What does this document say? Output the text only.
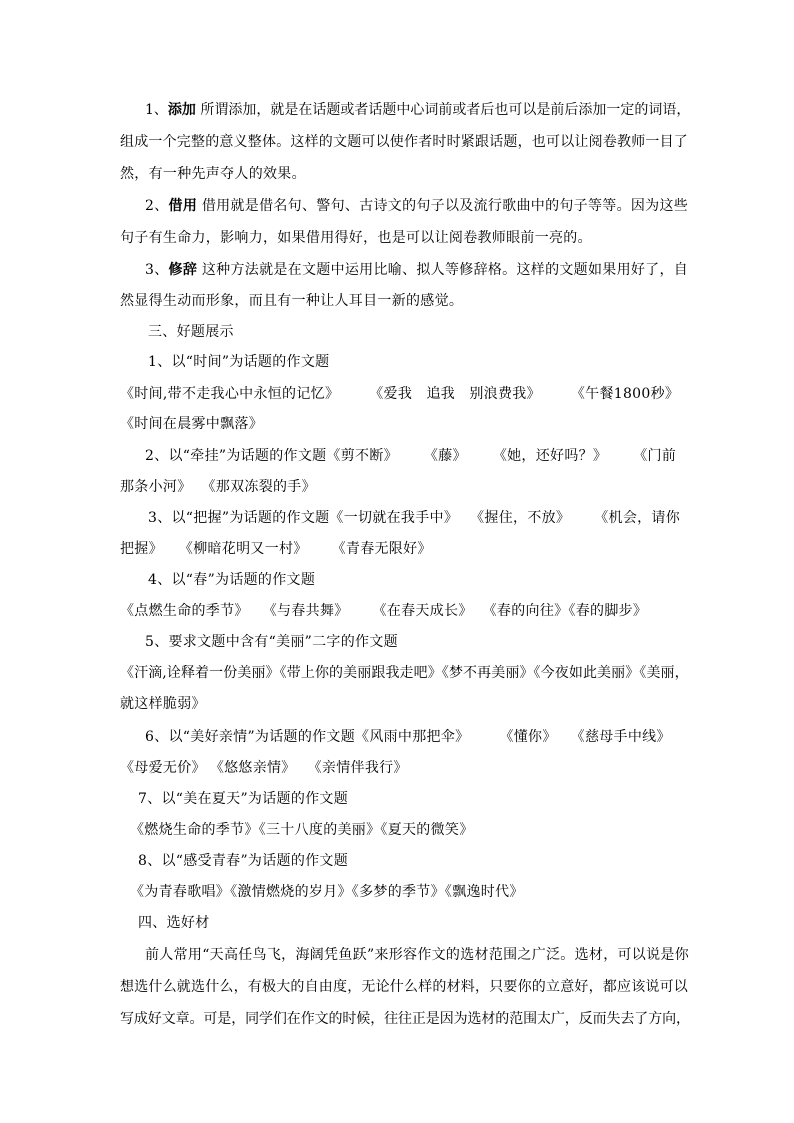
1、添加 所谓添加，就是在话题或者话题中心词前或者后也可以是前后添加一定的词语，
组成一个完整的意义整体。这样的文题可以使作者时时紧跟话题，也可以让阅卷教师一目了
然，有一种先声夺人的效果。
2、借用 借用就是借名句、警句、古诗文的句子以及流行歌曲中的句子等等。因为这些
句子有生命力，影响力，如果借用得好，也是可以让阅卷教师眼前一亮的。
3、修辞 这种方法就是在文题中运用比喻、拟人等修辞格。这样的文题如果用好了，自
然显得生动而形象，而且有一种让人耳目一新的感觉。
三、好题展示
1、以“时间”为话题的作文题
《时间,带不走我心中永恒的记忆》 《爱我　追我　别浪费我》 《午餐1800秒》
《时间在晨雾中飘落》
2、以“牵挂”为话题的作文题《剪不断》 《藤》 《她，还好吗？》 《门前
那条小河》 《那双冻裂的手》
3、以“把握”为话题的作文题《一切就在我手中》 《握住，不放》 《机会，请你
把握》 《柳暗花明又一村》 《青春无限好》
4、以“春”为话题的作文题
《点燃生命的季节》 《与春共舞》 《在春天成长》 《春的向往》《春的脚步》
5、要求文题中含有“美丽”二字的作文题
《汗滴,诠释着一份美丽》《带上你的美丽跟我走吧》《梦不再美丽》《今夜如此美丽》《美丽，
就这样脆弱》
6、以“美好亲情”为话题的作文题《风雨中那把伞》 《懂你》 《慈母手中线》
《母爱无价》 《悠悠亲情》 《亲情伴我行》
7、以“美在夏天”为话题的作文题
《燃烧生命的季节》《三十八度的美丽》《夏天的微笑》
8、以“感受青春”为话题的作文题
《为青春歌唱》《激情燃烧的岁月》《多梦的季节》《飘逸时代》
四、选好材
前人常用“天高任鸟飞，海阔凭鱼跃”来形容作文的选材范围之广泛。选材，可以说是你
想选什么就选什么，有极大的自由度，无论什么样的材料，只要你的立意好，都应该说可以
写成好文章。可是，同学们在作文的时候，往往正是因为选材的范围太广，反而失去了方向，
